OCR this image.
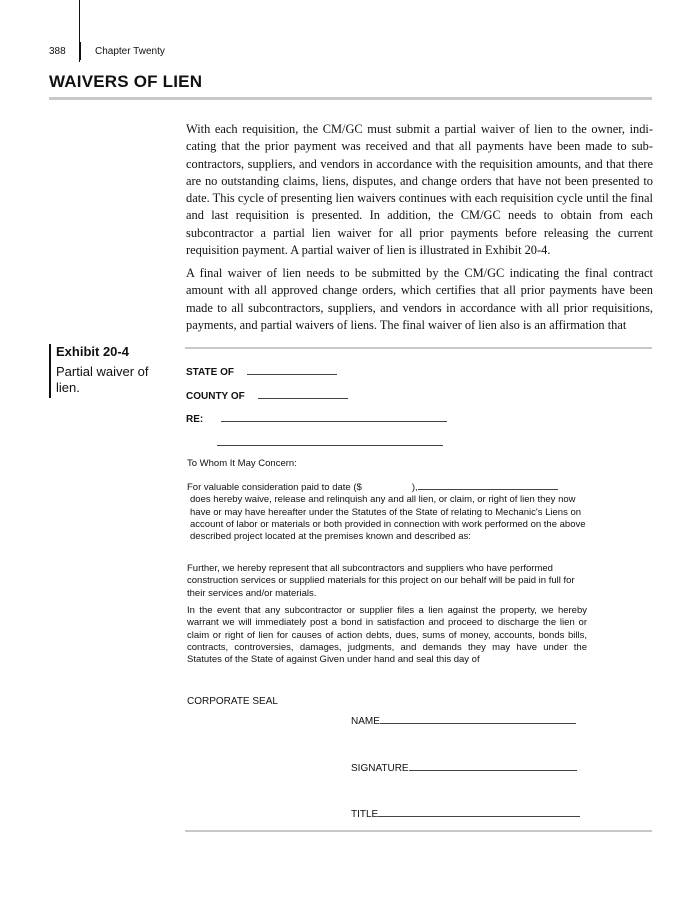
388	Chapter Twenty
WAIVERS OF LIEN

With each requisition, the CM/GC must submit a partial waiver of lien to the owner, indicating that the prior payment was received and that all payments have been made to subcontractors, suppliers, and vendors in accordance with the requisition amounts, and that there are no outstanding claims, liens, disputes, and change orders that have not been presented to date. This cycle of presenting lien waivers continues with each requisition cycle until the final and last requisition is presented. In addition, the CM/GC needs to obtain from each subcontractor a partial lien waiver for all prior payments before releasing the current requisition payment. A partial waiver of lien is illustrated in Exhibit 20-4.

A final waiver of lien needs to be submitted by the CM/GC indicating the final contract amount with all approved change orders, which certifies that all prior payments have been made to all subcontractors, suppliers, and vendors in accordance with all prior requisitions, payments, and partial waivers of liens. The final waiver of lien also is an affirmation that

Exhibit 20-4
Partial waiver of lien.
STATE OF
COUNTY OF
RE:
To Whom It May Concern:
For valuable consideration paid to date ($	),
does hereby waive, release and relinquish any and all lien, or claim, or right of lien they now have or may have hereafter under the Statutes of the State of relating to Mechanic's Liens on account of labor or materials or both provided in connection with work performed on the above described project located at the premises known and described as:
Further, we hereby represent that all subcontractors and suppliers who have performed construction services or supplied materials for this project on our behalf will be paid in full for their services and/or materials.
In the event that any subcontractor or supplier files a lien against the property, we hereby warrant we will immediately post a bond in satisfaction and proceed to discharge the lien or claim or right of lien for causes of action debts, dues, sums of money, accounts, bonds bills, contracts, controversies, damages, judgments, and demands they may have under the Statutes of the State of against Given under hand and seal this day of
CORPORATE SEAL
NAME
SIGNATURE
TITLE
